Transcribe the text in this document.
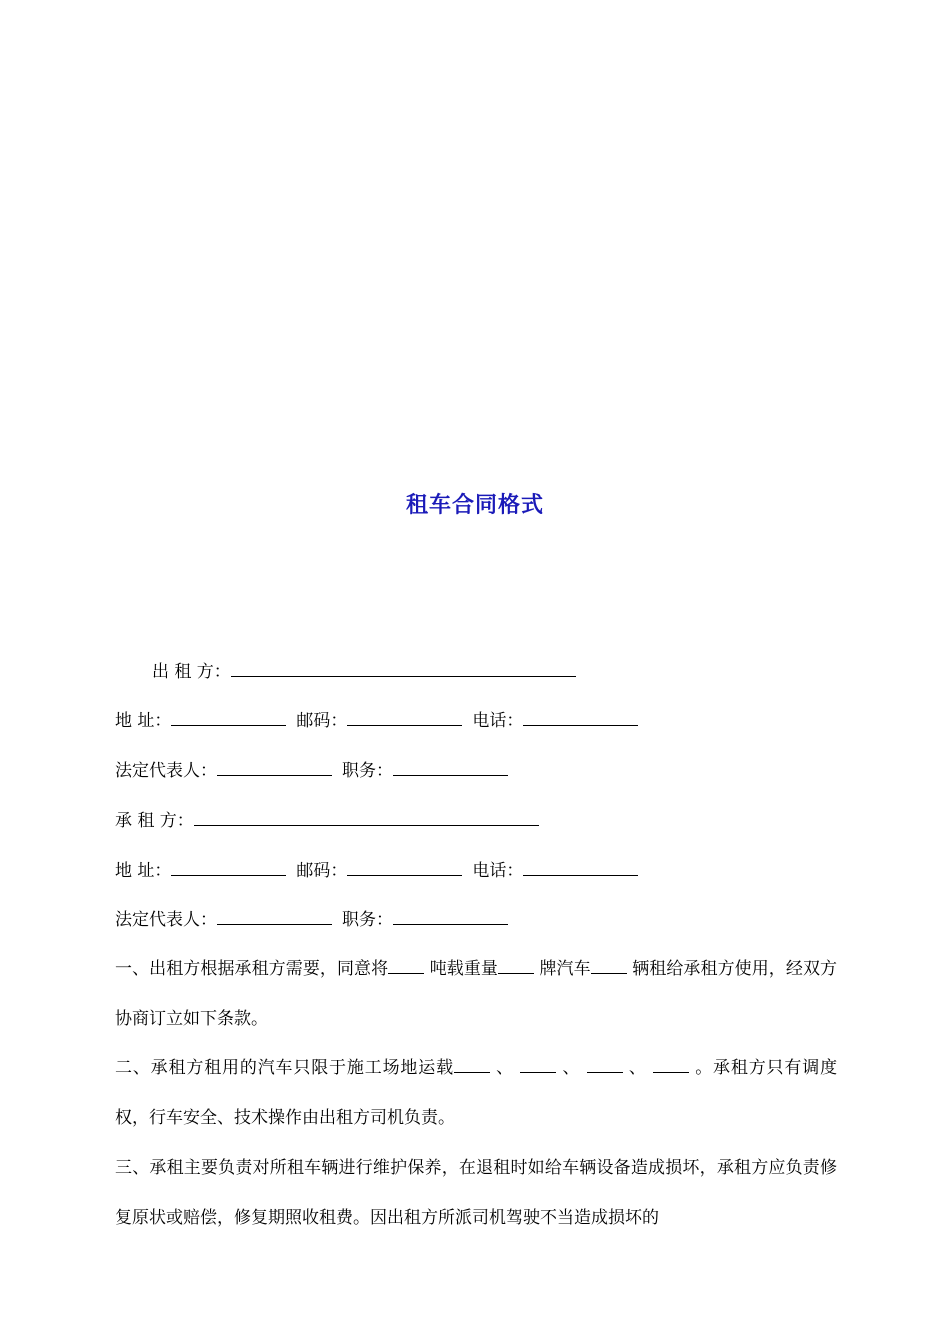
租车合同格式
出 租 方：
地 址：	邮码：	电话：
法定代表人：	职务：
承 租 方：
地 址：	邮码：	电话：
法定代表人：	职务：
一、出租方根据承租方需要，同意将 吨载重量 牌汽车 辆租给承租方使用，经双方协商订立如下条款。
二、承租方租用的汽车只限于施工场地运载 、	、	、	。承租方只有调度权，行车安全、技术操作由出租方司机负责。
三、承租主要负责对所租车辆进行维护保养，在退租时如给车辆设备造成损坏，承租方应负责修复原状或赔偿，修复期照收租费。因出租方所派司机驾驶不当造成损坏的
